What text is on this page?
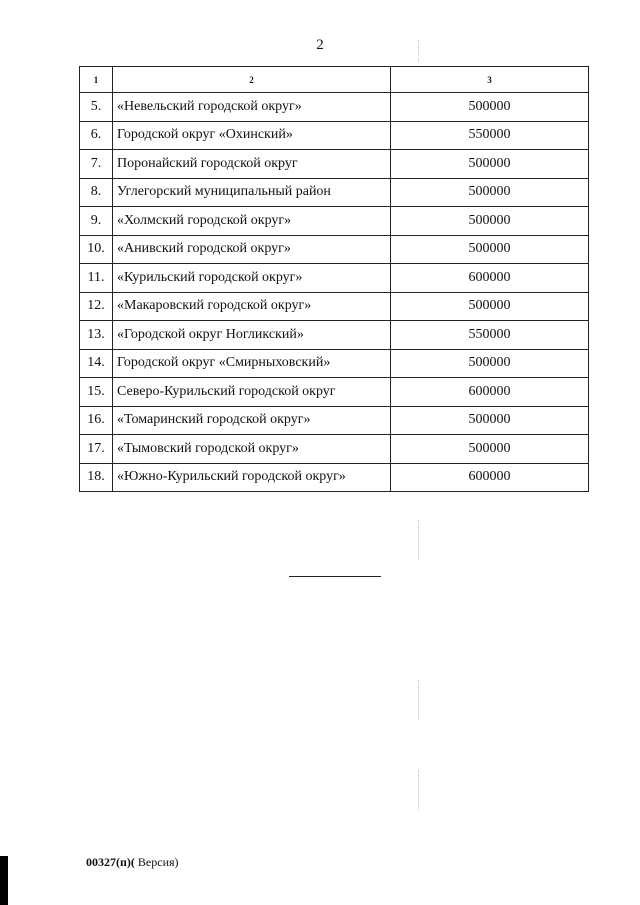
2
1	2	3
5.	«Невельский городской округ»	500000
6.	Городской округ «Охинский»	550000
7.	Поронайский городской округ	500000
8.	Углегорский муниципальный район	500000
9.	«Холмский городской округ»	500000
10.	«Анивский городской округ»	500000
11.	«Курильский городской округ»	600000
12.	«Макаровский городской округ»	500000
13.	«Городской округ Ногликский»	550000
14.	Городской округ «Смирныховский»	500000
15.	Северо-Курильский городской округ	600000
16.	«Томаринский городской округ»	500000
17.	«Тымовский городской округ»	500000
18.	«Южно-Курильский городской округ»	600000
00327(п)( Версия)
